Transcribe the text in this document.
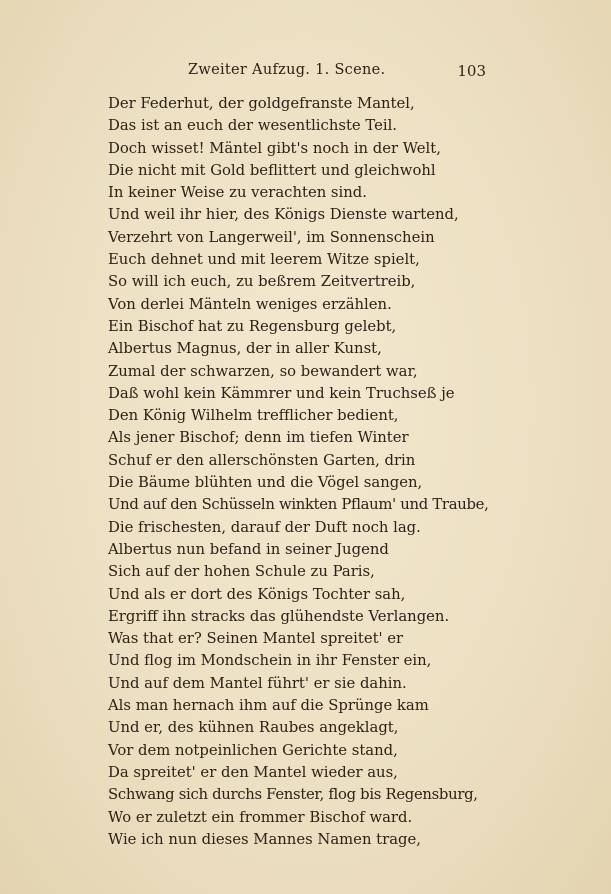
Zweiter Aufzug. 1. Scene.	103
Der Federhut, der goldgefranste Mantel,
Das ist an euch der wesentlichste Teil.
Doch wisset! Mäntel gibt's noch in der Welt,
Die nicht mit Gold beflittert und gleichwohl
In keiner Weise zu verachten sind.
Und weil ihr hier, des Königs Dienste wartend,
Verzehrt von Langerweil', im Sonnenschein
Euch dehnet und mit leerem Witze spielt,
So will ich euch, zu beßrem Zeitvertreib,
Von derlei Mänteln weniges erzählen.
Ein Bischof hat zu Regensburg gelebt,
Albertus Magnus, der in aller Kunst,
Zumal der schwarzen, so bewandert war,
Daß wohl kein Kämmrer und kein Truchseß je
Den König Wilhelm trefflicher bedient,
Als jener Bischof; denn im tiefen Winter
Schuf er den allerschönsten Garten, drin
Die Bäume blühten und die Vögel sangen,
Und auf den Schüsseln winkten Pflaum' und Traube,
Die frischesten, darauf der Duft noch lag.
Albertus nun befand in seiner Jugend
Sich auf der hohen Schule zu Paris,
Und als er dort des Königs Tochter sah,
Ergriff ihn stracks das glühendste Verlangen.
Was that er? Seinen Mantel spreitet' er
Und flog im Mondschein in ihr Fenster ein,
Und auf dem Mantel führt' er sie dahin.
Als man hernach ihm auf die Sprünge kam
Und er, des kühnen Raubes angeklagt,
Vor dem notpeinlichen Gerichte stand,
Da spreitet' er den Mantel wieder aus,
Schwang sich durchs Fenster, flog bis Regensburg,
Wo er zuletzt ein frommer Bischof ward.
Wie ich nun dieses Mannes Namen trage,
